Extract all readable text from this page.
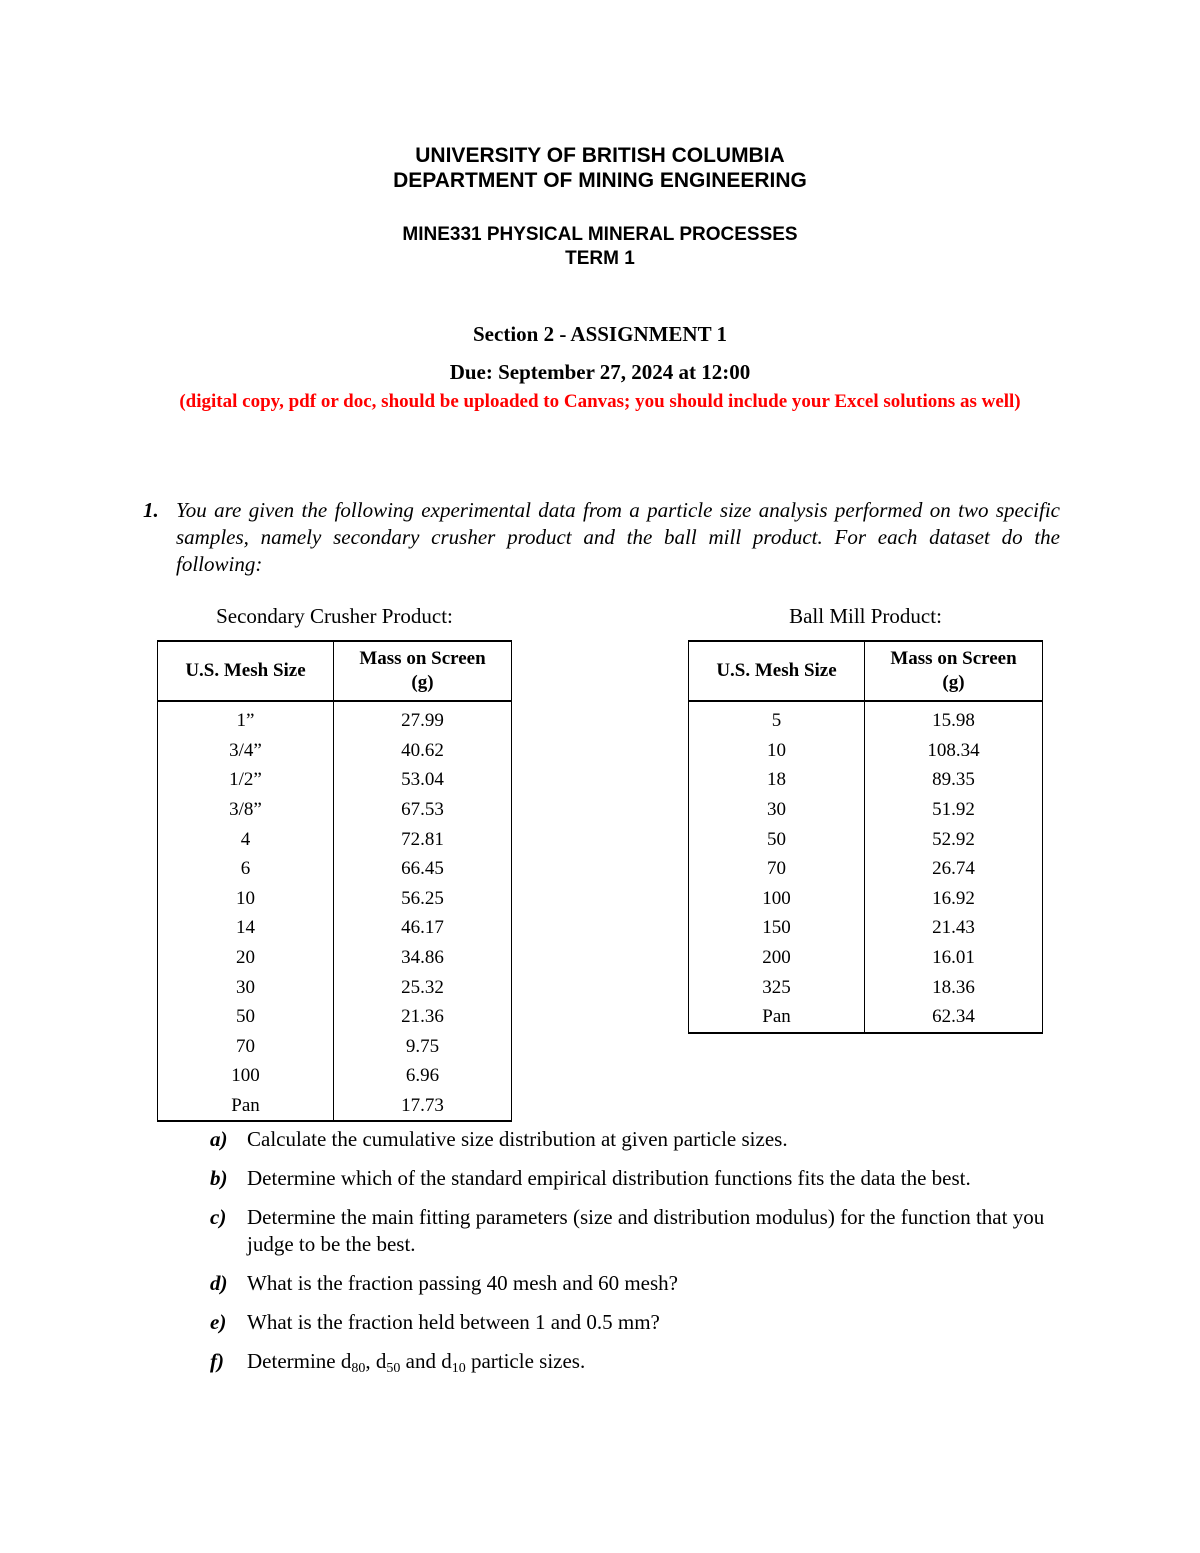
UNIVERSITY OF BRITISH COLUMBIA
DEPARTMENT OF MINING ENGINEERING
MINE331 PHYSICAL MINERAL PROCESSES
TERM 1
Section 2 - ASSIGNMENT 1
Due: September 27, 2024 at 12:00
(digital copy, pdf or doc, should be uploaded to Canvas; you should include your Excel solutions as well)
1. You are given the following experimental data from a particle size analysis performed on two specific samples, namely secondary crusher product and the ball mill product. For each dataset do the following:
Secondary Crusher Product:	Ball Mill Product:
U.S. Mesh Size	Mass on Screen
(g)
1”	27.99
3/4”	40.62
1/2”	53.04
3/8”	67.53
4	72.81
6	66.45
10	56.25
14	46.17
20	34.86
30	25.32
50	21.36
70	9.75
100	6.96
Pan	17.73
U.S. Mesh Size	Mass on Screen
(g)
5	15.98
10	108.34
18	89.35
30	51.92
50	52.92
70	26.74
100	16.92
150	21.43
200	16.01
325	18.36
Pan	62.34
a) Calculate the cumulative size distribution at given particle sizes.
b) Determine which of the standard empirical distribution functions fits the data the best.
c) Determine the main fitting parameters (size and distribution modulus) for the function that you judge to be the best.
d) What is the fraction passing 40 mesh and 60 mesh?
e) What is the fraction held between 1 and 0.5 mm?
f) Determine $d_{80}$, $d_{50}$ and $d_{10}$ particle sizes.
